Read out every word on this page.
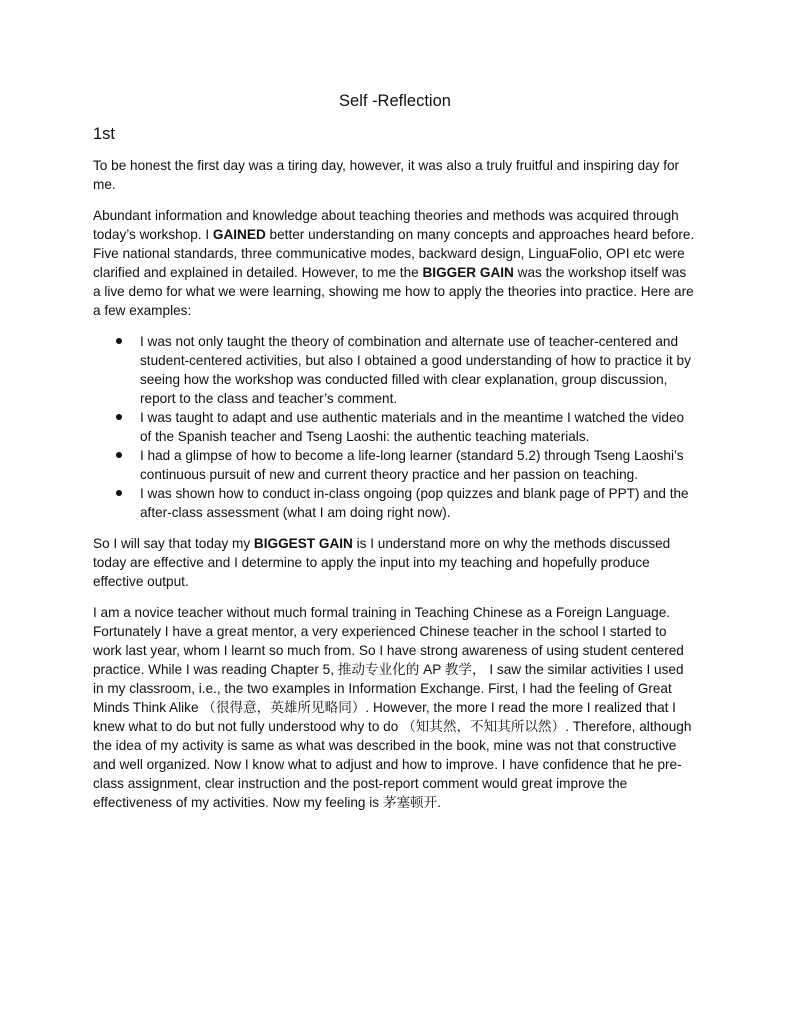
Self -Reflection
1st

To be honest the first day was a tiring day, however, it was also a truly fruitful and inspiring day for me.

Abundant information and knowledge about teaching theories and methods was acquired through today’s workshop. I GAINED better understanding on many concepts and approaches heard before. Five national standards, three communicative modes, backward design, LinguaFolio, OPI etc were clarified and explained in detailed. However, to me the BIGGER GAIN was the workshop itself was a live demo for what we were learning, showing me how to apply the theories into practice. Here are a few examples:

I was not only taught the theory of combination and alternate use of teacher-centered and student-centered activities, but also I obtained a good understanding of how to practice it by seeing how the workshop was conducted filled with clear explanation, group discussion, report to the class and teacher’s comment.
I was taught to adapt and use authentic materials and in the meantime I watched the video of the Spanish teacher and Tseng Laoshi: the authentic teaching materials.
I had a glimpse of how to become a life-long learner (standard 5.2) through Tseng Laoshi’s continuous pursuit of new and current theory practice and her passion on teaching.
I was shown how to conduct in-class ongoing (pop quizzes and blank page of PPT) and the after-class assessment (what I am doing right now).

So I will say that today my BIGGEST GAIN is I understand more on why the methods discussed today are effective and I determine to apply the input into my teaching and hopefully produce effective output.

I am a novice teacher without much formal training in Teaching Chinese as a Foreign Language. Fortunately I have a great mentor, a very experienced Chinese teacher in the school I started to work last year, whom I learnt so much from. So I have strong awareness of using student centered practice. While I was reading Chapter 5, 推动专业化的 AP 教学， I saw the similar activities I used in my classroom, i.e., the two examples in Information Exchange. First, I had the feeling of Great Minds Think Alike （很得意，英雄所见略同）. However, the more I read the more I realized that I knew what to do but not fully understood why to do （知其然，不知其所以然）. Therefore, although the idea of my activity is same as what was described in the book, mine was not that constructive and well organized. Now I know what to adjust and how to improve. I have confidence that he pre-class assignment, clear instruction and the post-report comment would great improve the effectiveness of my activities. Now my feeling is 茅塞顿开.
